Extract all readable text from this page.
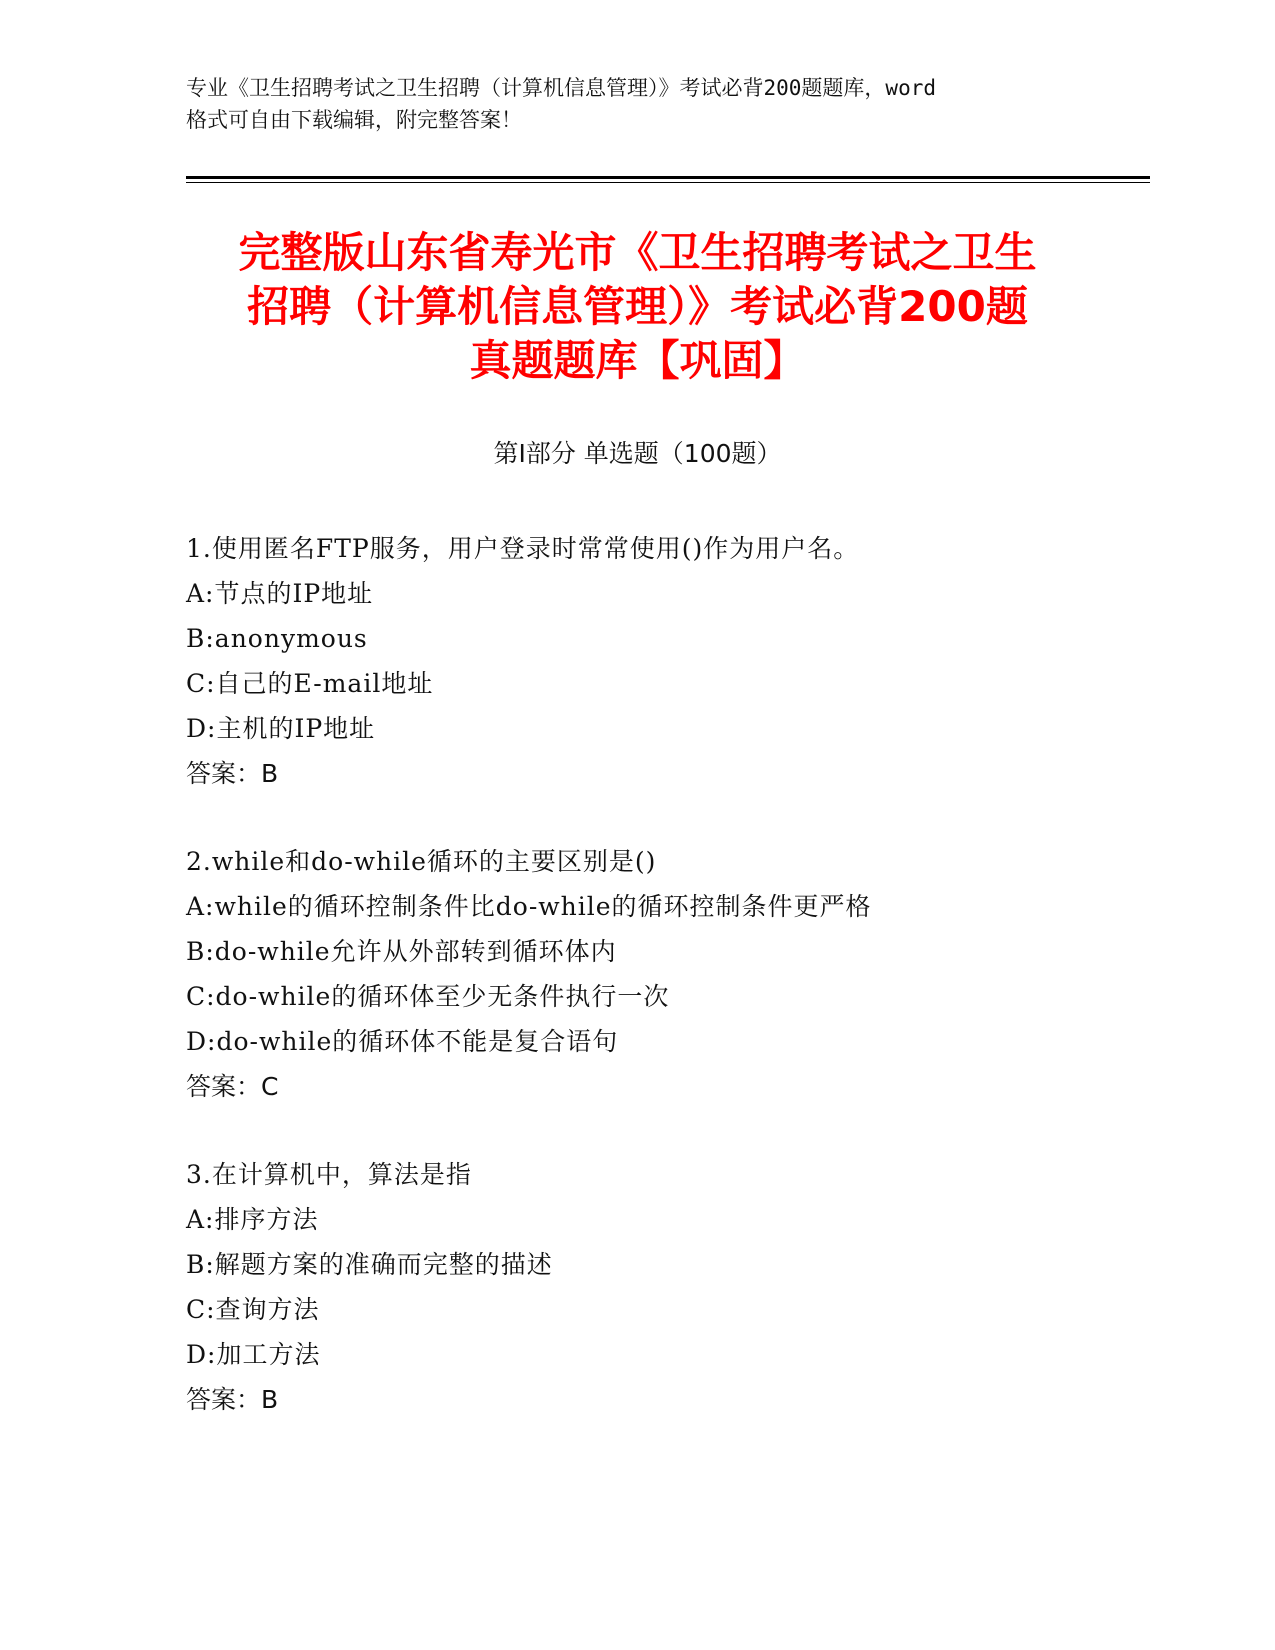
专业《卫生招聘考试之卫生招聘（计算机信息管理）》考试必背200题题库，word
格式可自由下载编辑，附完整答案！
完整版山东省寿光市《卫生招聘考试之卫生
招聘（计算机信息管理）》考试必背200题
真题题库【巩固】
第Ⅰ部分 单选题（100题）
1.使用匿名FTP服务，用户登录时常常使用()作为用户名。
A:节点的IP地址
B:anonymous
C:自己的E-mail地址
D:主机的IP地址
答案：B
2.while和do-while循环的主要区别是()
A:while的循环控制条件比do-while的循环控制条件更严格
B:do-while允许从外部转到循环体内
C:do-while的循环体至少无条件执行一次
D:do-while的循环体不能是复合语句
答案：C
3.在计算机中，算法是指
A:排序方法
B:解题方案的准确而完整的描述
C:查询方法
D:加工方法
答案：B
